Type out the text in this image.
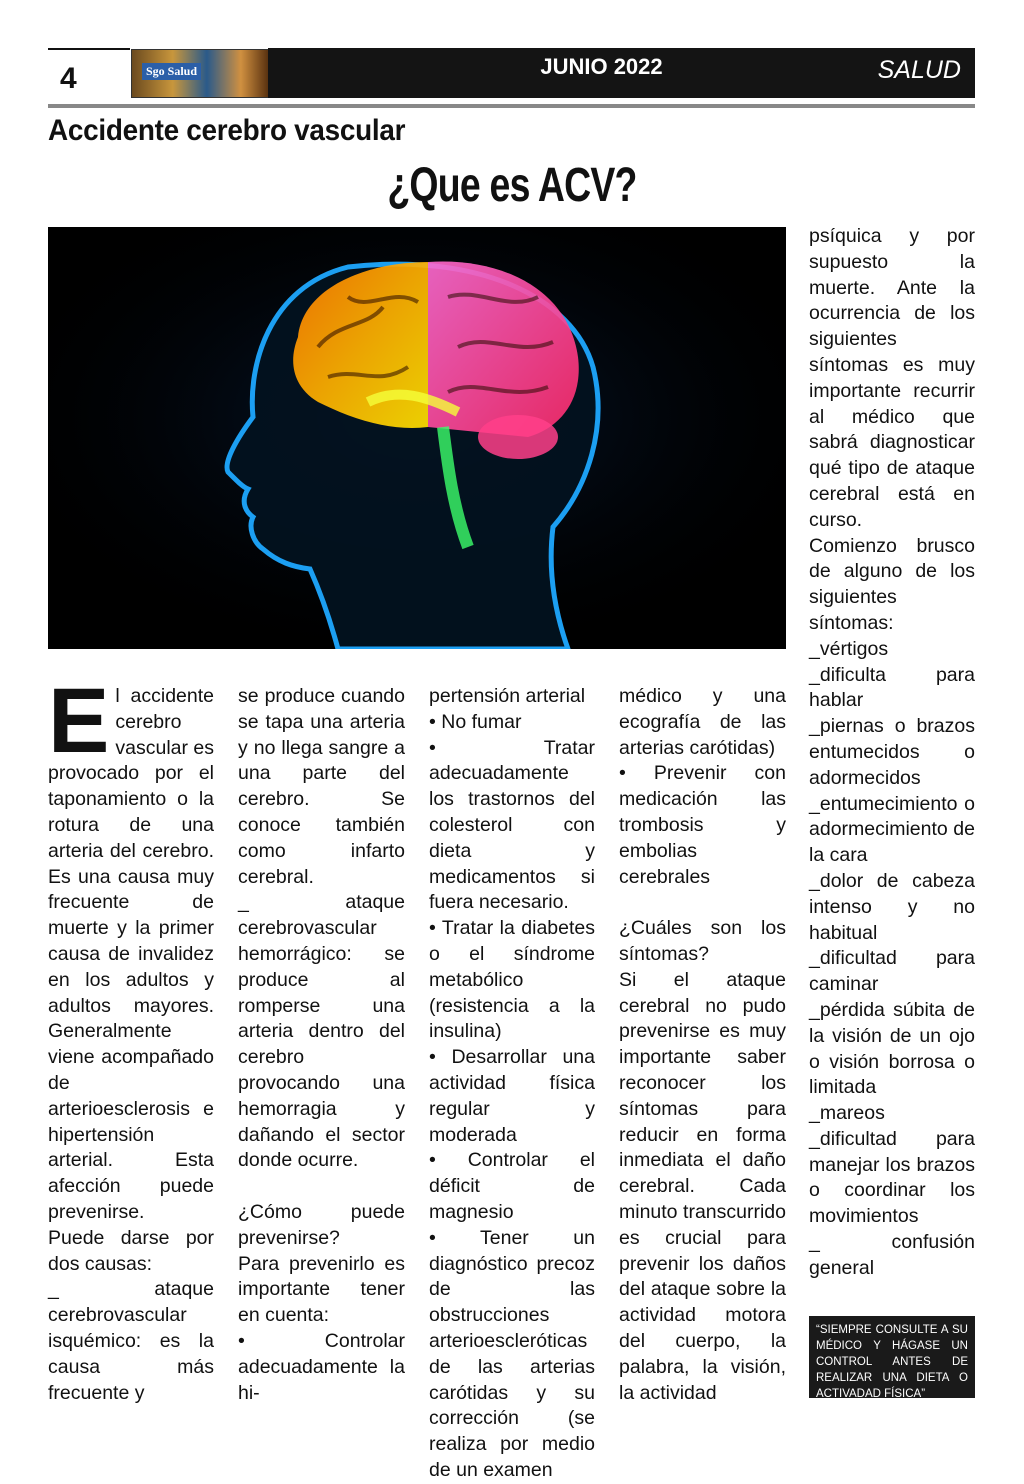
4	Sgo Salud	JUNIO 2022	SALUD
Accidente cerebro vascular
¿Que es ACV?

El accidente cerebro vascular es provocado por el taponamiento o la rotura de una arteria del cerebro. Es una causa muy frecuente de muerte y la primer causa de invalidez en los adultos y adultos mayores. Generalmente viene acompañado de arterioesclerosis e hipertensión arterial. Esta afección puede prevenirse.

Puede darse por dos causas:

_ ataque cerebrovascular isquémico: es la causa más frecuente y

se produce cuando se tapa una arteria y no llega sangre a una parte del cerebro. Se conoce también como infarto cerebral.

_ ataque cerebrovascular hemorrágico: se produce al romperse una arteria dentro del cerebro provocando una hemorragia y dañando el sector donde ocurre.

¿Cómo puede prevenirse?

Para prevenirlo es importante tener en cuenta:

• Controlar adecuadamente la hi-

pertensión arterial

• No fumar

• Tratar adecuadamente los trastornos del colesterol con dieta y medicamentos si fuera necesario.

• Tratar la diabetes o el síndrome metabólico (resistencia a la insulina)

• Desarrollar una actividad física regular y moderada

• Controlar el déficit de magnesio

• Tener un diagnóstico precoz de las obstrucciones arterioescleróticas de las arterias carótidas y su corrección (se realiza por medio de un examen

médico y una ecografía de las arterias carótidas)

• Prevenir con medicación las trombosis y embolias cerebrales

¿Cuáles son los síntomas?

Si el ataque cerebral no pudo prevenirse es muy importante saber reconocer los síntomas para reducir en forma inmediata el daño cerebral. Cada minuto transcurrido es crucial para prevenir los daños del ataque sobre la actividad motora del cuerpo, la palabra, la visión, la actividad

psíquica y por supuesto la muerte. Ante la ocurrencia de los siguientes síntomas es muy importante recurrir al médico que sabrá diagnosticar qué tipo de ataque cerebral está en curso.

Comienzo brusco de alguno de los siguientes síntomas:

_vértigos

_dificulta para hablar

_piernas o brazos entumecidos o adormecidos

_entumecimiento o adormecimiento de la cara

_dolor de cabeza intenso y no habitual

_dificultad para caminar

_pérdida súbita de la visión de un ojo o visión borrosa o limitada

_mareos

_dificultad para manejar los brazos o coordinar los movimientos

_ confusión general

“SIEMPRE CONSULTE A SU MÉDICO Y HÁGASE UN CONTROL ANTES DE REALIZAR UNA DIETA O ACTIVADAD FÍSICA”
